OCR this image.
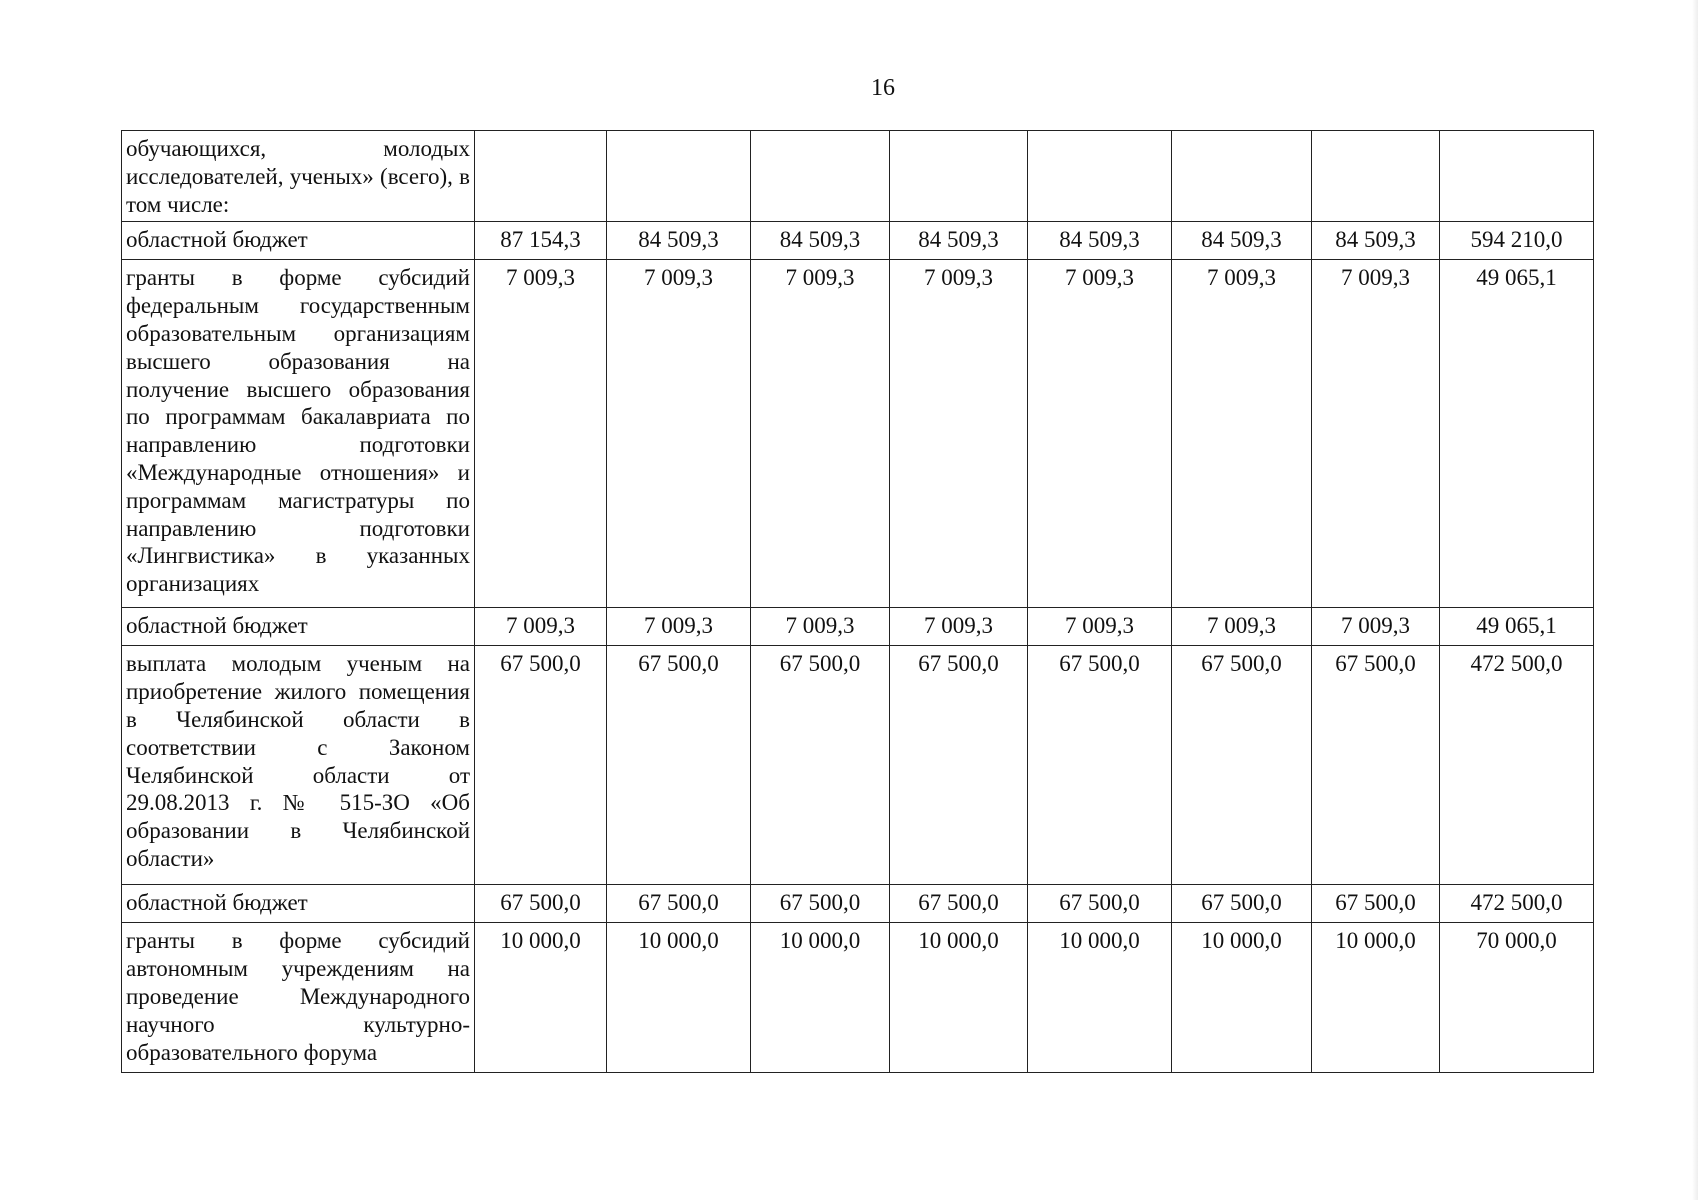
16
обучающихся, молодых исследователей, ученых» (всего), в том числе:								

областной бюджет	87 154,3	84 509,3	84 509,3	84 509,3	84 509,3	84 509,3	84 509,3	594 210,0

гранты в форме субсидий федеральным государственным образовательным организациям высшего образования на получение высшего образования по программам бакалавриата по направлению подготовки «Международные отношения» и программам магистратуры по направлению подготовки «Лингвистика» в указанных организациях	7 009,3	7 009,3	7 009,3	7 009,3	7 009,3	7 009,3	7 009,3	49 065,1

областной бюджет	7 009,3	7 009,3	7 009,3	7 009,3	7 009,3	7 009,3	7 009,3	49 065,1

выплата молодым ученым на приобретение жилого помещения в Челябинской области в соответствии с Законом Челябинской области от 29.08.2013 г. № 515-ЗО «Об образовании в Челябинской области»	67 500,0	67 500,0	67 500,0	67 500,0	67 500,0	67 500,0	67 500,0	472 500,0

областной бюджет	67 500,0	67 500,0	67 500,0	67 500,0	67 500,0	67 500,0	67 500,0	472 500,0

гранты в форме субсидий автономным учреждениям на проведение Международного научного культурно-образовательного форума	10 000,0	10 000,0	10 000,0	10 000,0	10 000,0	10 000,0	10 000,0	70 000,0
